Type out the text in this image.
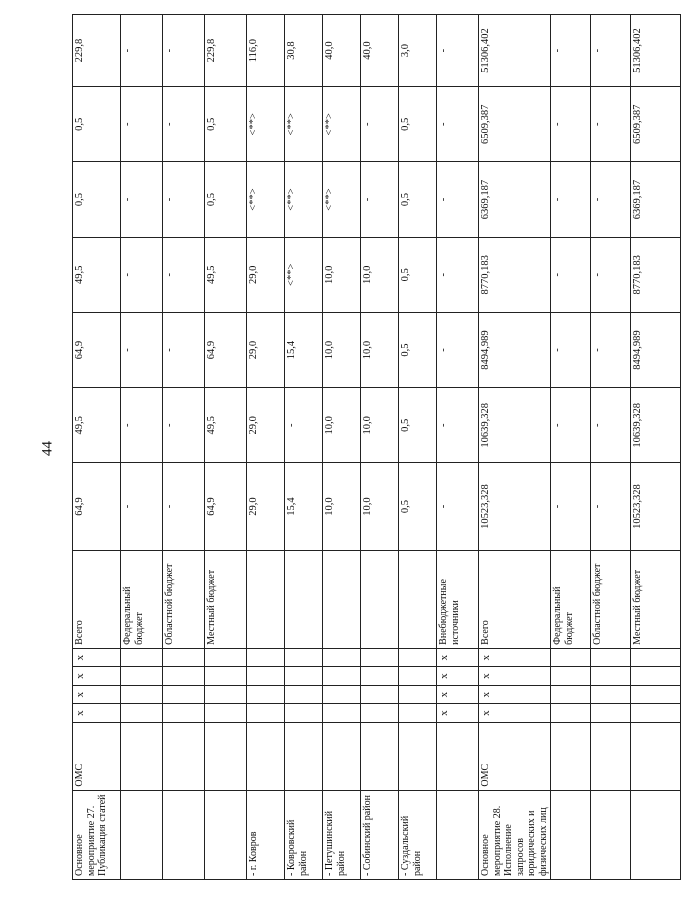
44
Основное мероприятие 27. Публикация статей	ОМС	х	х	х	х	Всего	64,9	49,5	64,9	49,5	0,5	0,5	229,8
						Федеральный бюджет	-	-	-	-	-	-	-
						Областной бюджет	-	-	-	-	-	-	-
						Местный бюджет	64,9	49,5	64,9	49,5	0,5	0,5	229,8
- г. Ковров							29,0	29,0	29,0	29,0	<**>	<**>	116,0
- Ковровский район							15,4	-	15,4	<**>	<**>	<**>	30,8
- Петушинский район							10,0	10,0	10,0	10,0	<**>	<**>	40,0
- Собинский район							10,0	10,0	10,0	10,0	-	-	40,0
- Суздальский район							0,5	0,5	0,5	0,5	0,5	0,5	3,0
		х	х	х	х	Внебюджетные источники	-	-	-	-	-	-	-
Основное мероприятие 28. Исполнение запросов юридических и физических лиц	ОМС	х	х	х	х	Всего	10523,328	10639,328	8494,989	8770,183	6369,187	6509,387	51306,402
						Федеральный бюджет	-	-	-	-	-	-	-
						Областной бюджет	-	-	-	-	-	-	-
						Местный бюджет	10523,328	10639,328	8494,989	8770,183	6369,187	6509,387	51306,402
